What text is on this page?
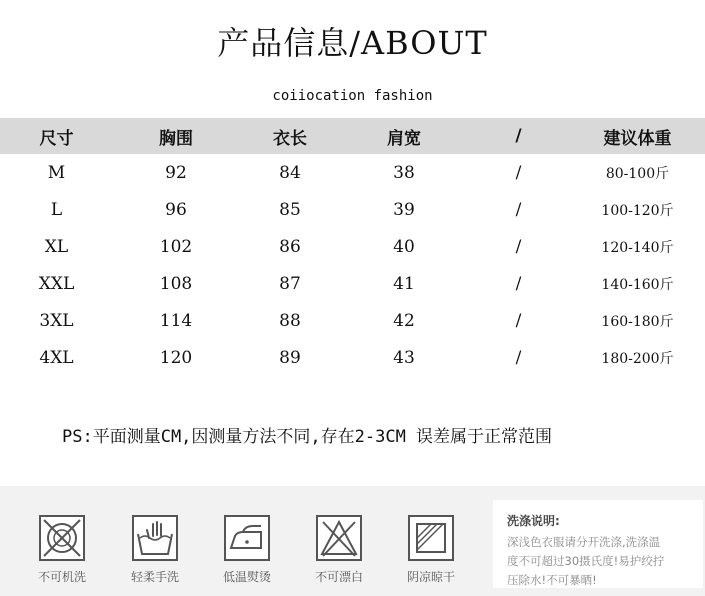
产品信息/ABOUT
coiiocation fashion
尺寸	胸围	衣长	肩宽	/	建议体重
M	92	84	38	/	80-100斤
L	96	85	39	/	100-120斤
XL	102	86	40	/	120-140斤
XXL	108	87	41	/	140-160斤
3XL	114	88	42	/	160-180斤
4XL	120	89	43	/	180-200斤
PS:平面测量CM,因测量方法不同,存在2-3CM 误差属于正常范围
不可机洗	轻柔手洗	低温熨烫	不可漂白	阴凉晾干
洗涤说明:
深浅色衣服请分开洗涤,洗涤温
度不可超过30摄氏度!易护绞拧
压除水!不可暴晒!
